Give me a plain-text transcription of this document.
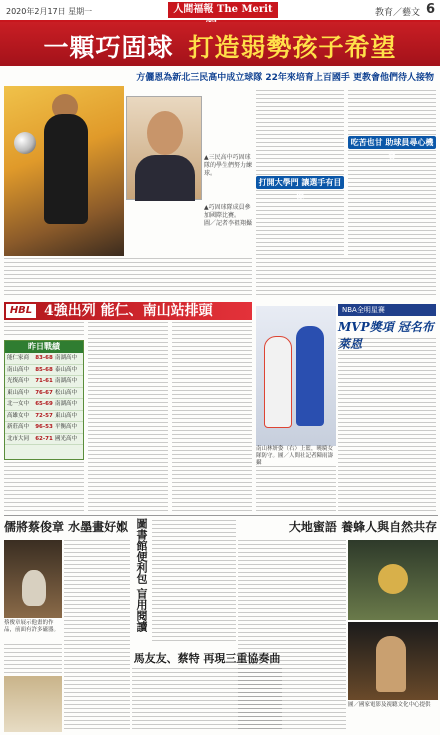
2020年2月17日 星期一	人間福報 The Merit	教育／藝文 6
一顆巧固球 打造弱勢孩子希望
方儷恩為新北三民高中成立球隊 22年來培育上百國手 更教會他們待人接物
▲三民高中巧固球隊的學生們努力練球。
▲巧固球隊成員參加國際比賽。
圖／記者李祖翔攝
打開大學門 讓選手有目標
吃苦也甘 助球員尋心機會
HBL 4強出列 能仁、南山站排頭
昨日戰績
能仁家商	83-68 南湖高中
南山高中	85-68 泰山高中
光復高中	71-61 南湖高中
東山高中	76-67 松山高中
北一女中	65-69 南湖高中
高雄女中	72-57 東山高中
新莊高中	96-53 平衡高中
北市大同	62-71 國光高中
南山林妍姿（右）上籃，曉騎女隊防守。圖／人間社記者陳雨濤攝
NBA全明星賽
MVP獎項 冠名布萊恩
儒將蔡俊章 水墨畫好娰
蔡俊章展示他畫的作品，前面有許多磁器。	圖書館便利包 盲用閱讀
馬友友、蔡特 再現三重協奏曲
大地蜜語 養蜂人與自然共存
圖／國家電影及視聽文化中心提供
